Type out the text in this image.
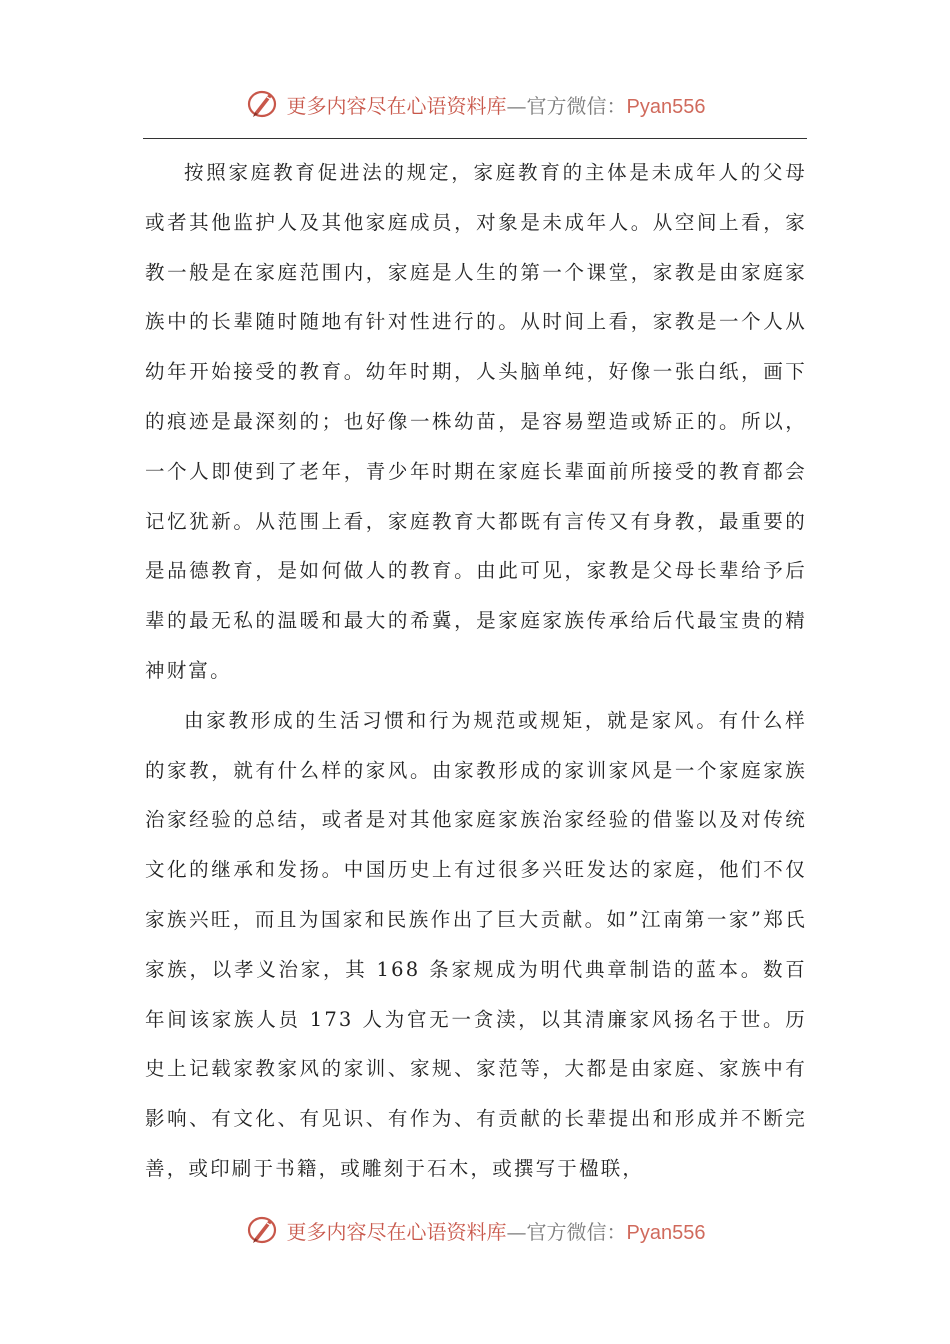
更多内容尽在心语资料库—官方微信：Pyan556

按照家庭教育促进法的规定，家庭教育的主体是未成年人的父母或者其他监护人及其他家庭成员，对象是未成年人。从空间上看，家教一般是在家庭范围内，家庭是人生的第一个课堂，家教是由家庭家族中的长辈随时随地有针对性进行的。从时间上看，家教是一个人从幼年开始接受的教育。幼年时期，人头脑单纯，好像一张白纸，画下的痕迹是最深刻的；也好像一株幼苗，是容易塑造或矫正的。所以，一个人即使到了老年，青少年时期在家庭长辈面前所接受的教育都会记忆犹新。从范围上看，家庭教育大都既有言传又有身教，最重要的是品德教育，是如何做人的教育。由此可见，家教是父母长辈给予后辈的最无私的温暖和最大的希冀，是家庭家族传承给后代最宝贵的精神财富。

由家教形成的生活习惯和行为规范或规矩，就是家风。有什么样的家教，就有什么样的家风。由家教形成的家训家风是一个家庭家族治家经验的总结，或者是对其他家庭家族治家经验的借鉴以及对传统文化的继承和发扬。中国历史上有过很多兴旺发达的家庭，他们不仅家族兴旺，而且为国家和民族作出了巨大贡献。如”江南第一家”郑氏家族，以孝义治家，其 168 条家规成为明代典章制诰的蓝本。数百年间该家族人员 173 人为官无一贪渎，以其清廉家风扬名于世。历史上记载家教家风的家训、家规、家范等，大都是由家庭、家族中有影响、有文化、有见识、有作为、有贡献的长辈提出和形成并不断完善，或印刷于书籍，或雕刻于石木，或撰写于楹联，

更多内容尽在心语资料库—官方微信：Pyan556
